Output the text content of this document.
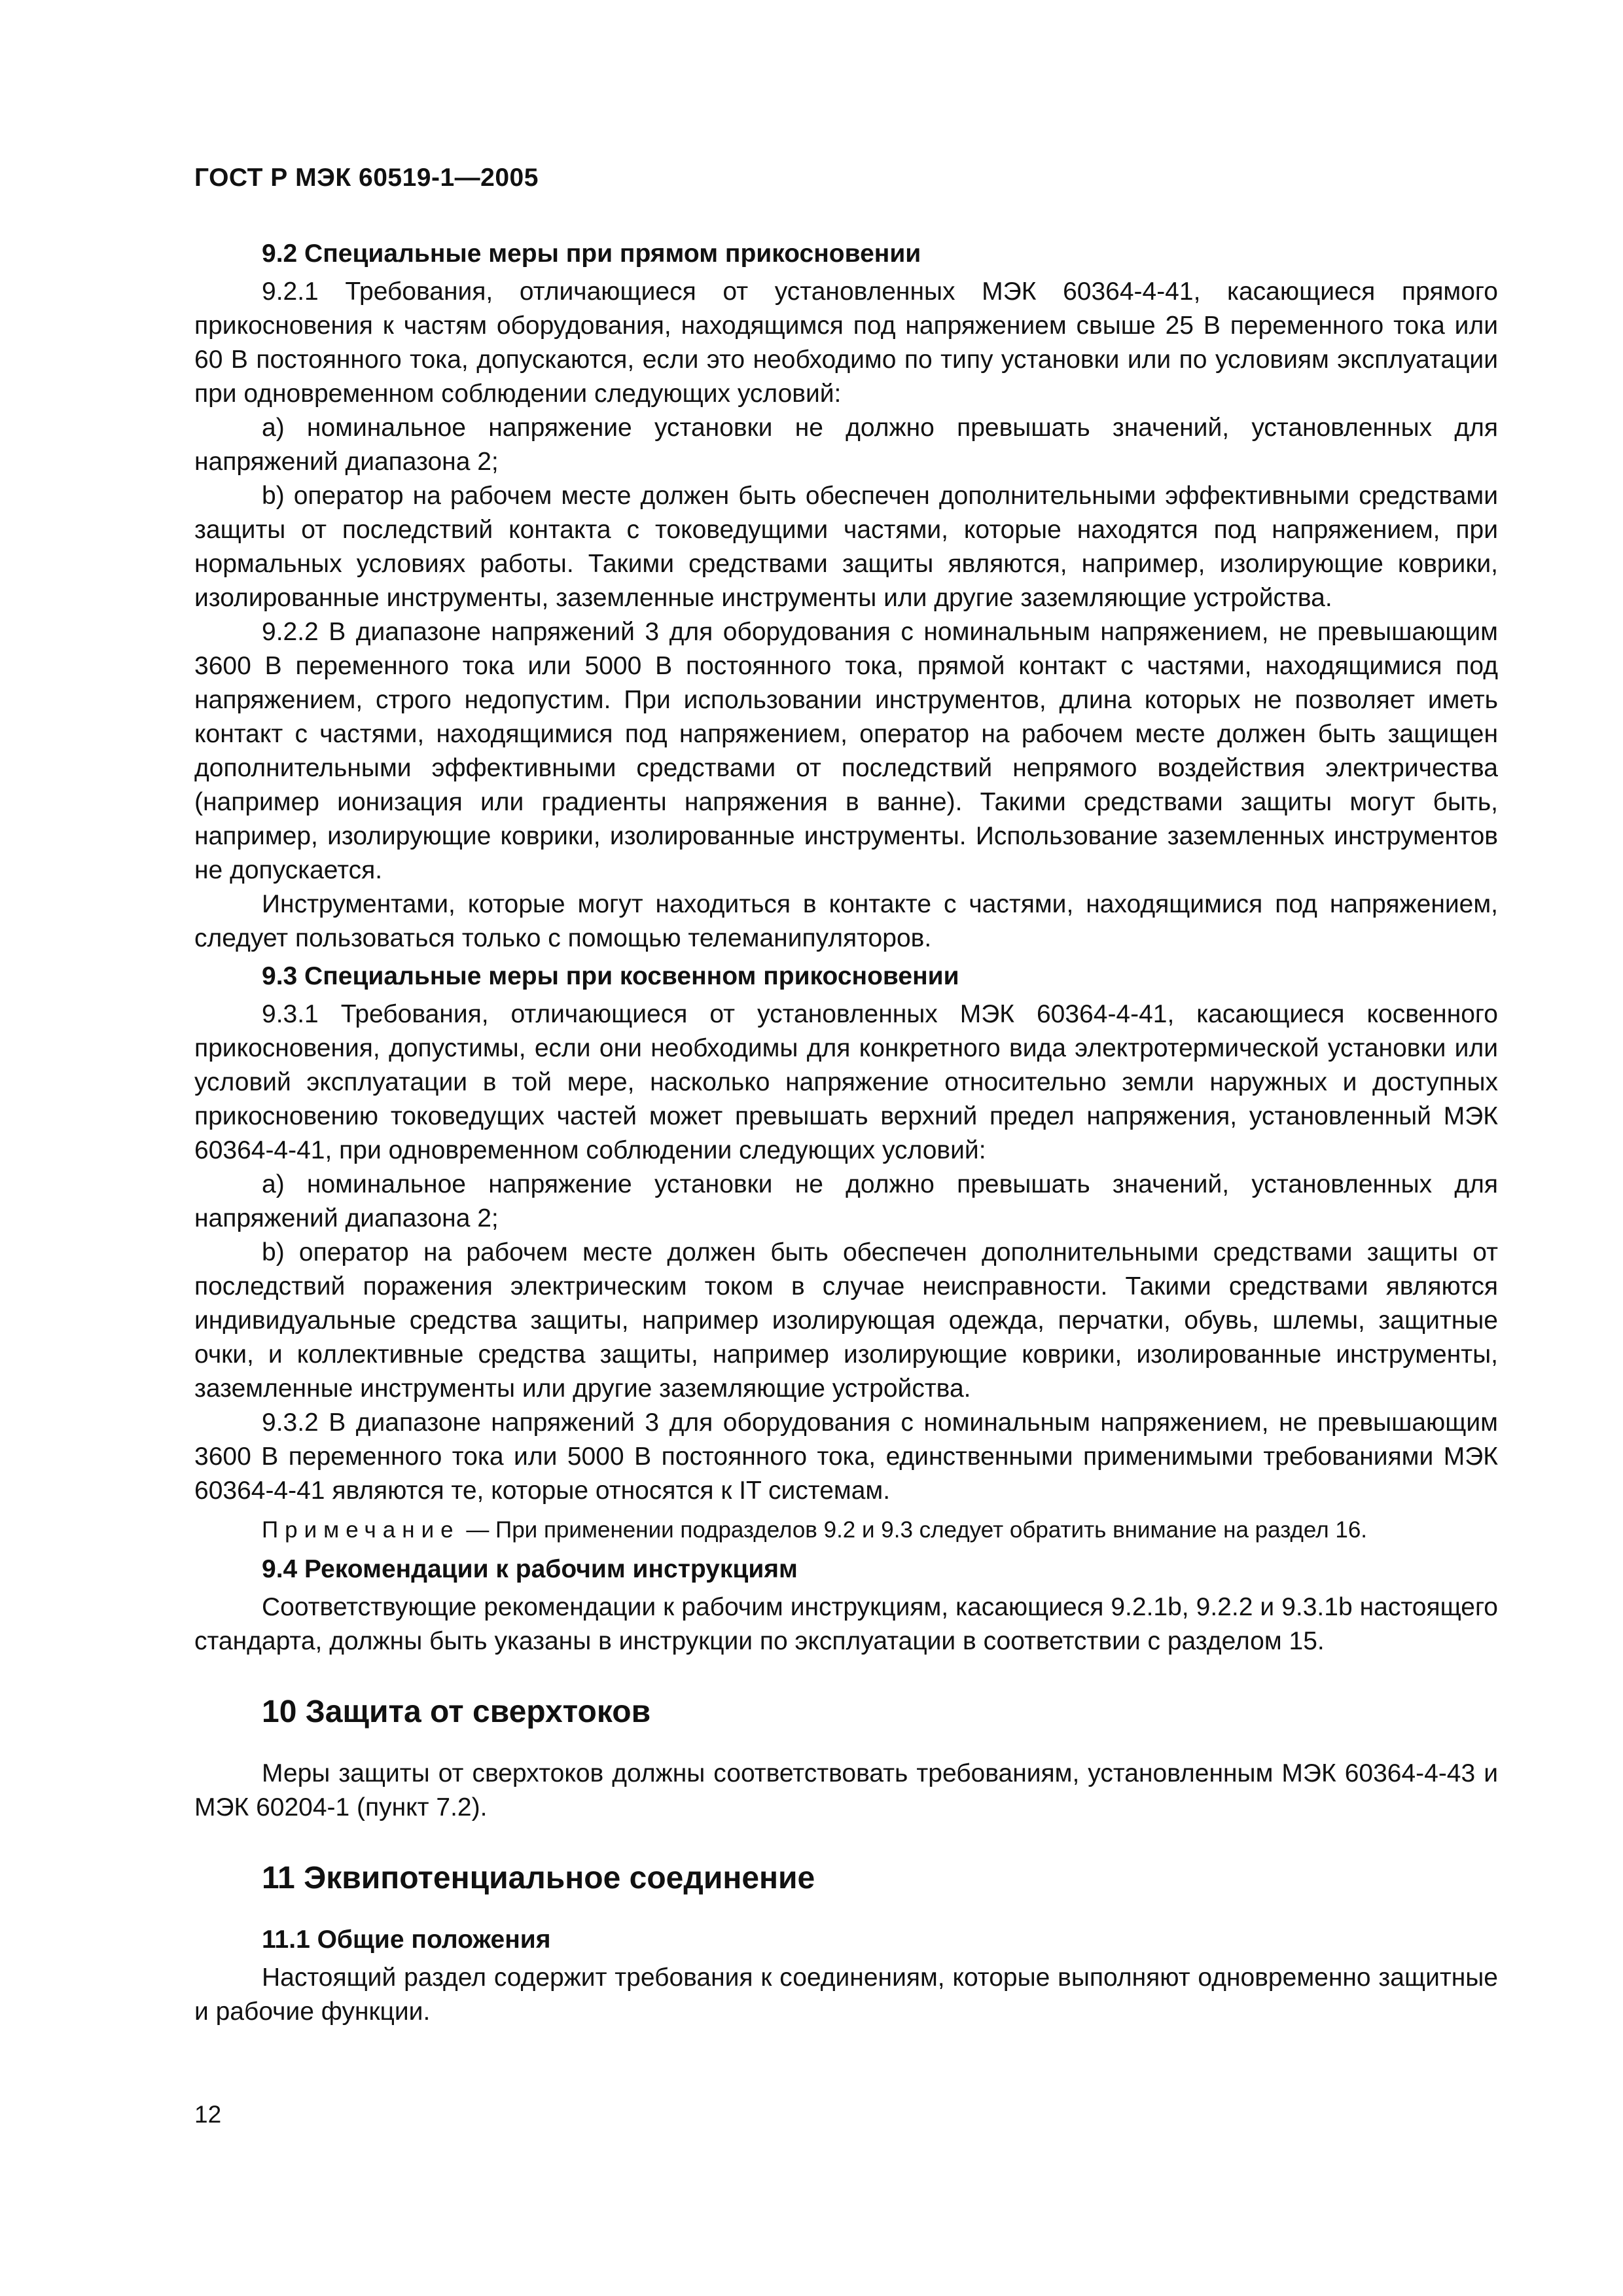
ГОСТ Р МЭК 60519-1—2005
9.2 Специальные меры при прямом прикосновении

9.2.1 Требования, отличающиеся от установленных МЭК 60364-4-41, касающиеся прямого прикосновения к частям оборудования, находящимся под напряжением свыше 25 В переменного тока или 60 В постоянного тока, допускаются, если это необходимо по типу установки или по условиям эксплуатации при одновременном соблюдении следующих условий:

a) номинальное напряжение установки не должно превышать значений, установленных для напряжений диапазона 2;

b) оператор на рабочем месте должен быть обеспечен дополнительными эффективными средствами защиты от последствий контакта с токоведущими частями, которые находятся под напряжением, при нормальных условиях работы. Такими средствами защиты являются, например, изолирующие коврики, изолированные инструменты, заземленные инструменты или другие заземляющие устройства.

9.2.2 В диапазоне напряжений 3 для оборудования с номинальным напряжением, не превышающим 3600 В переменного тока или 5000 В постоянного тока, прямой контакт с частями, находящимися под напряжением, строго недопустим. При использовании инструментов, длина которых не позволяет иметь контакт с частями, находящимися под напряжением, оператор на рабочем месте должен быть защищен дополнительными эффективными средствами от последствий непрямого воздействия электричества (например ионизация или градиенты напряжения в ванне). Такими средствами защиты могут быть, например, изолирующие коврики, изолированные инструменты. Использование заземленных инструментов не допускается.

Инструментами, которые могут находиться в контакте с частями, находящимися под напряжением, следует пользоваться только с помощью телеманипуляторов.

9.3 Специальные меры при косвенном прикосновении

9.3.1 Требования, отличающиеся от установленных МЭК 60364-4-41, касающиеся косвенного прикосновения, допустимы, если они необходимы для конкретного вида электротермической установки или условий эксплуатации в той мере, насколько напряжение относительно земли наружных и доступных прикосновению токоведущих частей может превышать верхний предел напряжения, установленный МЭК 60364-4-41, при одновременном соблюдении следующих условий:

a) номинальное напряжение установки не должно превышать значений, установленных для напряжений диапазона 2;

b) оператор на рабочем месте должен быть обеспечен дополнительными средствами защиты от последствий поражения электрическим током в случае неисправности. Такими средствами являются индивидуальные средства защиты, например изолирующая одежда, перчатки, обувь, шлемы, защитные очки, и коллективные средства защиты, например изолирующие коврики, изолированные инструменты, заземленные инструменты или другие заземляющие устройства.

9.3.2 В диапазоне напряжений 3 для оборудования с номинальным напряжением, не превышающим 3600 В переменного тока или 5000 В постоянного тока, единственными применимыми требованиями МЭК 60364-4-41 являются те, которые относятся к IT системам.

Примечание — При применении подразделов 9.2 и 9.3 следует обратить внимание на раздел 16.

9.4 Рекомендации к рабочим инструкциям

Соответствующие рекомендации к рабочим инструкциям, касающиеся 9.2.1b, 9.2.2 и 9.3.1b настоящего стандарта, должны быть указаны в инструкции по эксплуатации в соответствии с разделом 15.

10 Защита от сверхтоков

Меры защиты от сверхтоков должны соответствовать требованиям, установленным МЭК 60364-4-43 и МЭК 60204-1 (пункт 7.2).

11 Эквипотенциальное соединение
11.1 Общие положения

Настоящий раздел содержит требования к соединениям, которые выполняют одновременно защитные и рабочие функции.

12
